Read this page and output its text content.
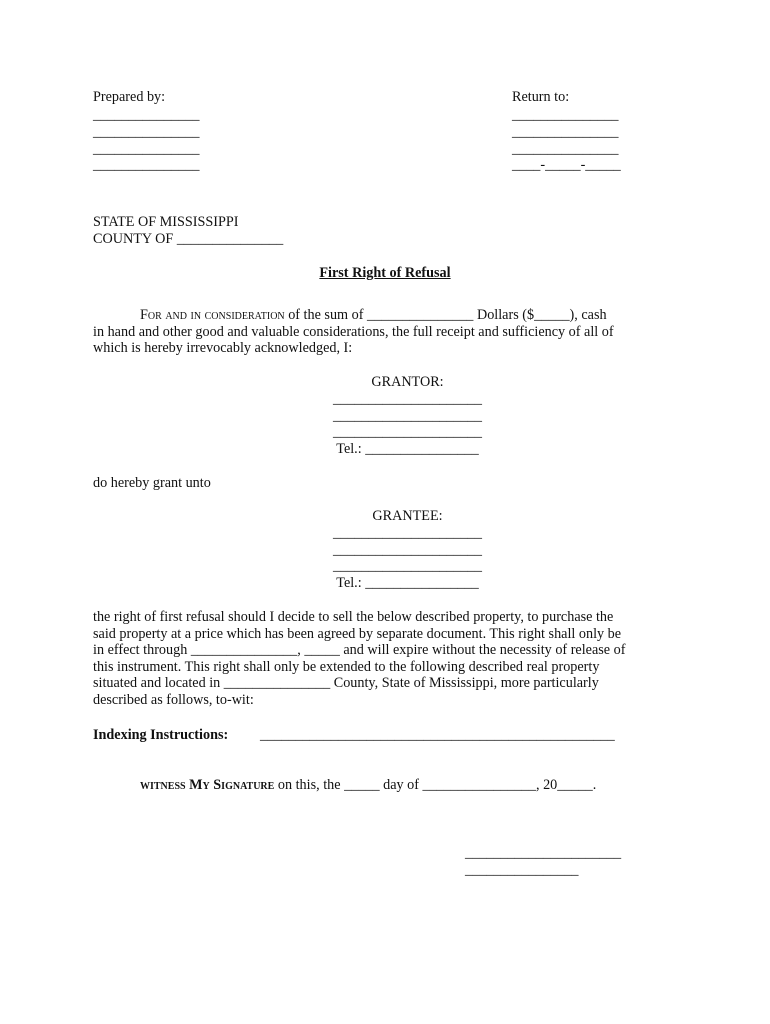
Prepared by:
_______________
_______________
_______________
_______________
Return to:
_______________
_______________
_______________
____-_____-_____
STATE OF MISSISSIPPI
COUNTY OF _______________
First Right of Refusal

For and in consideration of the sum of _______________ Dollars ($_____), cash

in hand and other good and valuable considerations, the full receipt and sufficiency of all of

which is hereby irrevocably acknowledged, I:

GRANTOR:
_____________________
_____________________
_____________________
Tel.: ________________
do hereby grant unto
GRANTEE:
_____________________
_____________________
_____________________
Tel.: ________________

the right of first refusal should I decide to sell the below described property, to purchase the

said property at a price which has been agreed by separate document. This right shall only be

in effect through _______________, _____ and will expire without the necessity of release of

this instrument. This right shall only be extended to the following described real property

situated and located in _______________ County, State of Mississippi, more particularly

described as follows, to-wit:

Indexing Instructions: __________________________________________________
witness My Signature on this, the _____ day of ________________, 20_____.
______________________
________________
